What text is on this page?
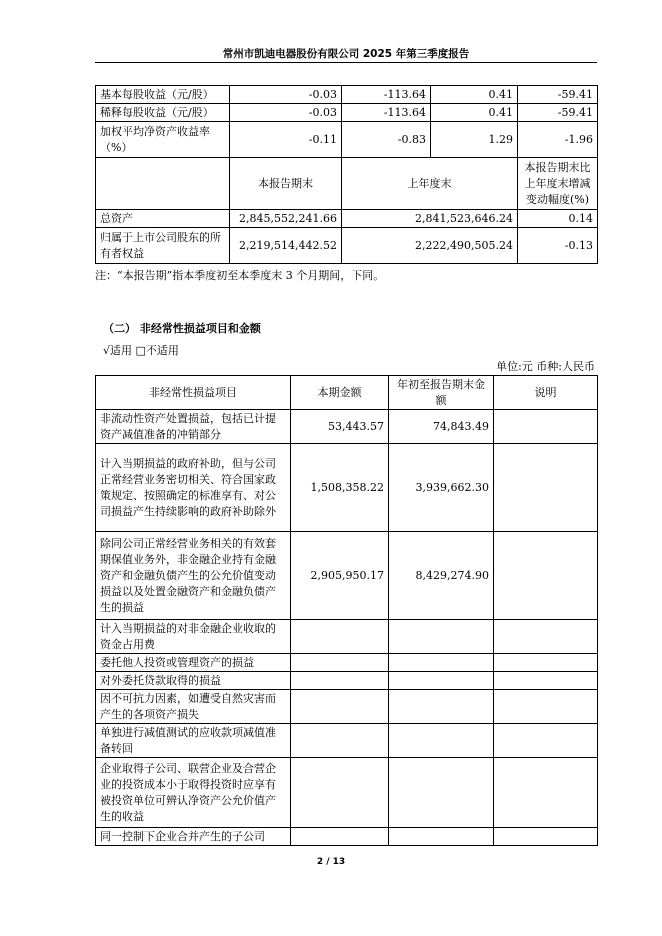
常州市凯迪电器股份有限公司 2025 年第三季度报告
基本每股收益（元/股）	-0.03	-113.64	0.41	-59.41
稀释每股收益（元/股）	-0.03	-113.64	0.41	-59.41
加权平均净资产收益率（%）	-0.11	-0.83	1.29	-1.96
	本报告期末	上年度末		本报告期末比上年度末增减变动幅度(%)
总资产	2,845,552,241.66	2,841,523,646.24		0.14
归属于上市公司股东的所有者权益	2,219,514,442.52	2,222,490,505.24		-0.13
注：“本报告期”指本季度初至本季度末 3 个月期间，下同。
（二） 非经常性损益项目和金额
√适用 □不适用
单位:元 币种:人民币
非经常性损益项目	本期金额	年初至报告期末金额	说明
非流动性资产处置损益，包括已计提资产减值准备的冲销部分	53,443.57	74,843.49	
计入当期损益的政府补助，但与公司正常经营业务密切相关、符合国家政策规定、按照确定的标准享有、对公司损益产生持续影响的政府补助除外	1,508,358.22	3,939,662.30	
除同公司正常经营业务相关的有效套期保值业务外，非金融企业持有金融资产和金融负债产生的公允价值变动损益以及处置金融资产和金融负债产生的损益	2,905,950.17	8,429,274.90	
计入当期损益的对非金融企业收取的资金占用费			
委托他人投资或管理资产的损益			
对外委托贷款取得的损益			
因不可抗力因素，如遭受自然灾害而产生的各项资产损失			
单独进行减值测试的应收款项减值准备转回			
企业取得子公司、联营企业及合营企业的投资成本小于取得投资时应享有被投资单位可辨认净资产公允价值产生的收益			
同一控制下企业合并产生的子公司			
2 / 13
